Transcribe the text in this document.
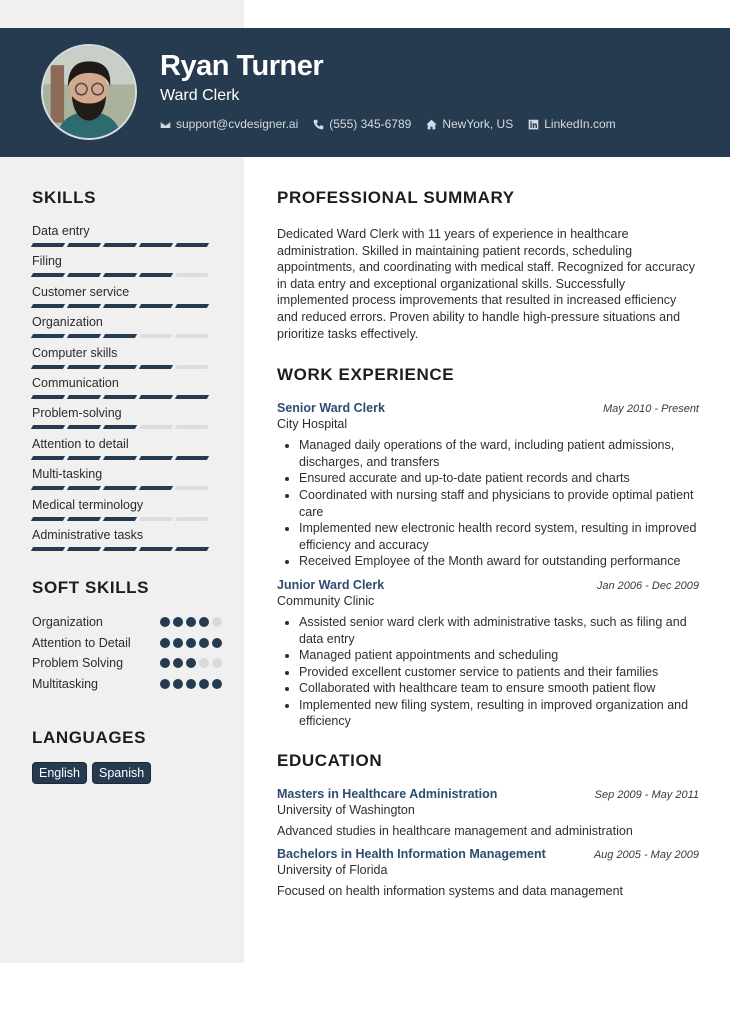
Ryan Turner
Ward Clerk
support@cvdesigner.ai	(555) 345-6789	NewYork, US	LinkedIn.com
SKILLS
Data entry
Filing
Customer service
Organization
Computer skills
Communication
Problem-solving
Attention to detail
Multi-tasking
Medical terminology
Administrative tasks
SOFT SKILLS
Organization
Attention to Detail
Problem Solving
Multitasking
LANGUAGES
English	Spanish
PROFESSIONAL SUMMARY

Dedicated Ward Clerk with 11 years of experience in healthcare administration. Skilled in maintaining patient records, scheduling appointments, and coordinating with medical staff. Recognized for accuracy in data entry and exceptional organizational skills. Successfully implemented process improvements that resulted in increased efficiency and reduced errors. Proven ability to handle high-pressure situations and prioritize tasks effectively.

WORK EXPERIENCE
Senior Ward Clerk	May 2010 - Present
City Hospital
• Managed daily operations of the ward, including patient admissions, discharges, and transfers
• Ensured accurate and up-to-date patient records and charts
• Coordinated with nursing staff and physicians to provide optimal patient care
• Implemented new electronic health record system, resulting in improved efficiency and accuracy
• Received Employee of the Month award for outstanding performance
Junior Ward Clerk	Jan 2006 - Dec 2009
Community Clinic
• Assisted senior ward clerk with administrative tasks, such as filing and data entry
• Managed patient appointments and scheduling
• Provided excellent customer service to patients and their families
• Collaborated with healthcare team to ensure smooth patient flow
• Implemented new filing system, resulting in improved organization and efficiency
EDUCATION
Masters in Healthcare Administration	Sep 2009 - May 2011
University of Washington
Advanced studies in healthcare management and administration
Bachelors in Health Information Management	Aug 2005 - May 2009
University of Florida
Focused on health information systems and data management
